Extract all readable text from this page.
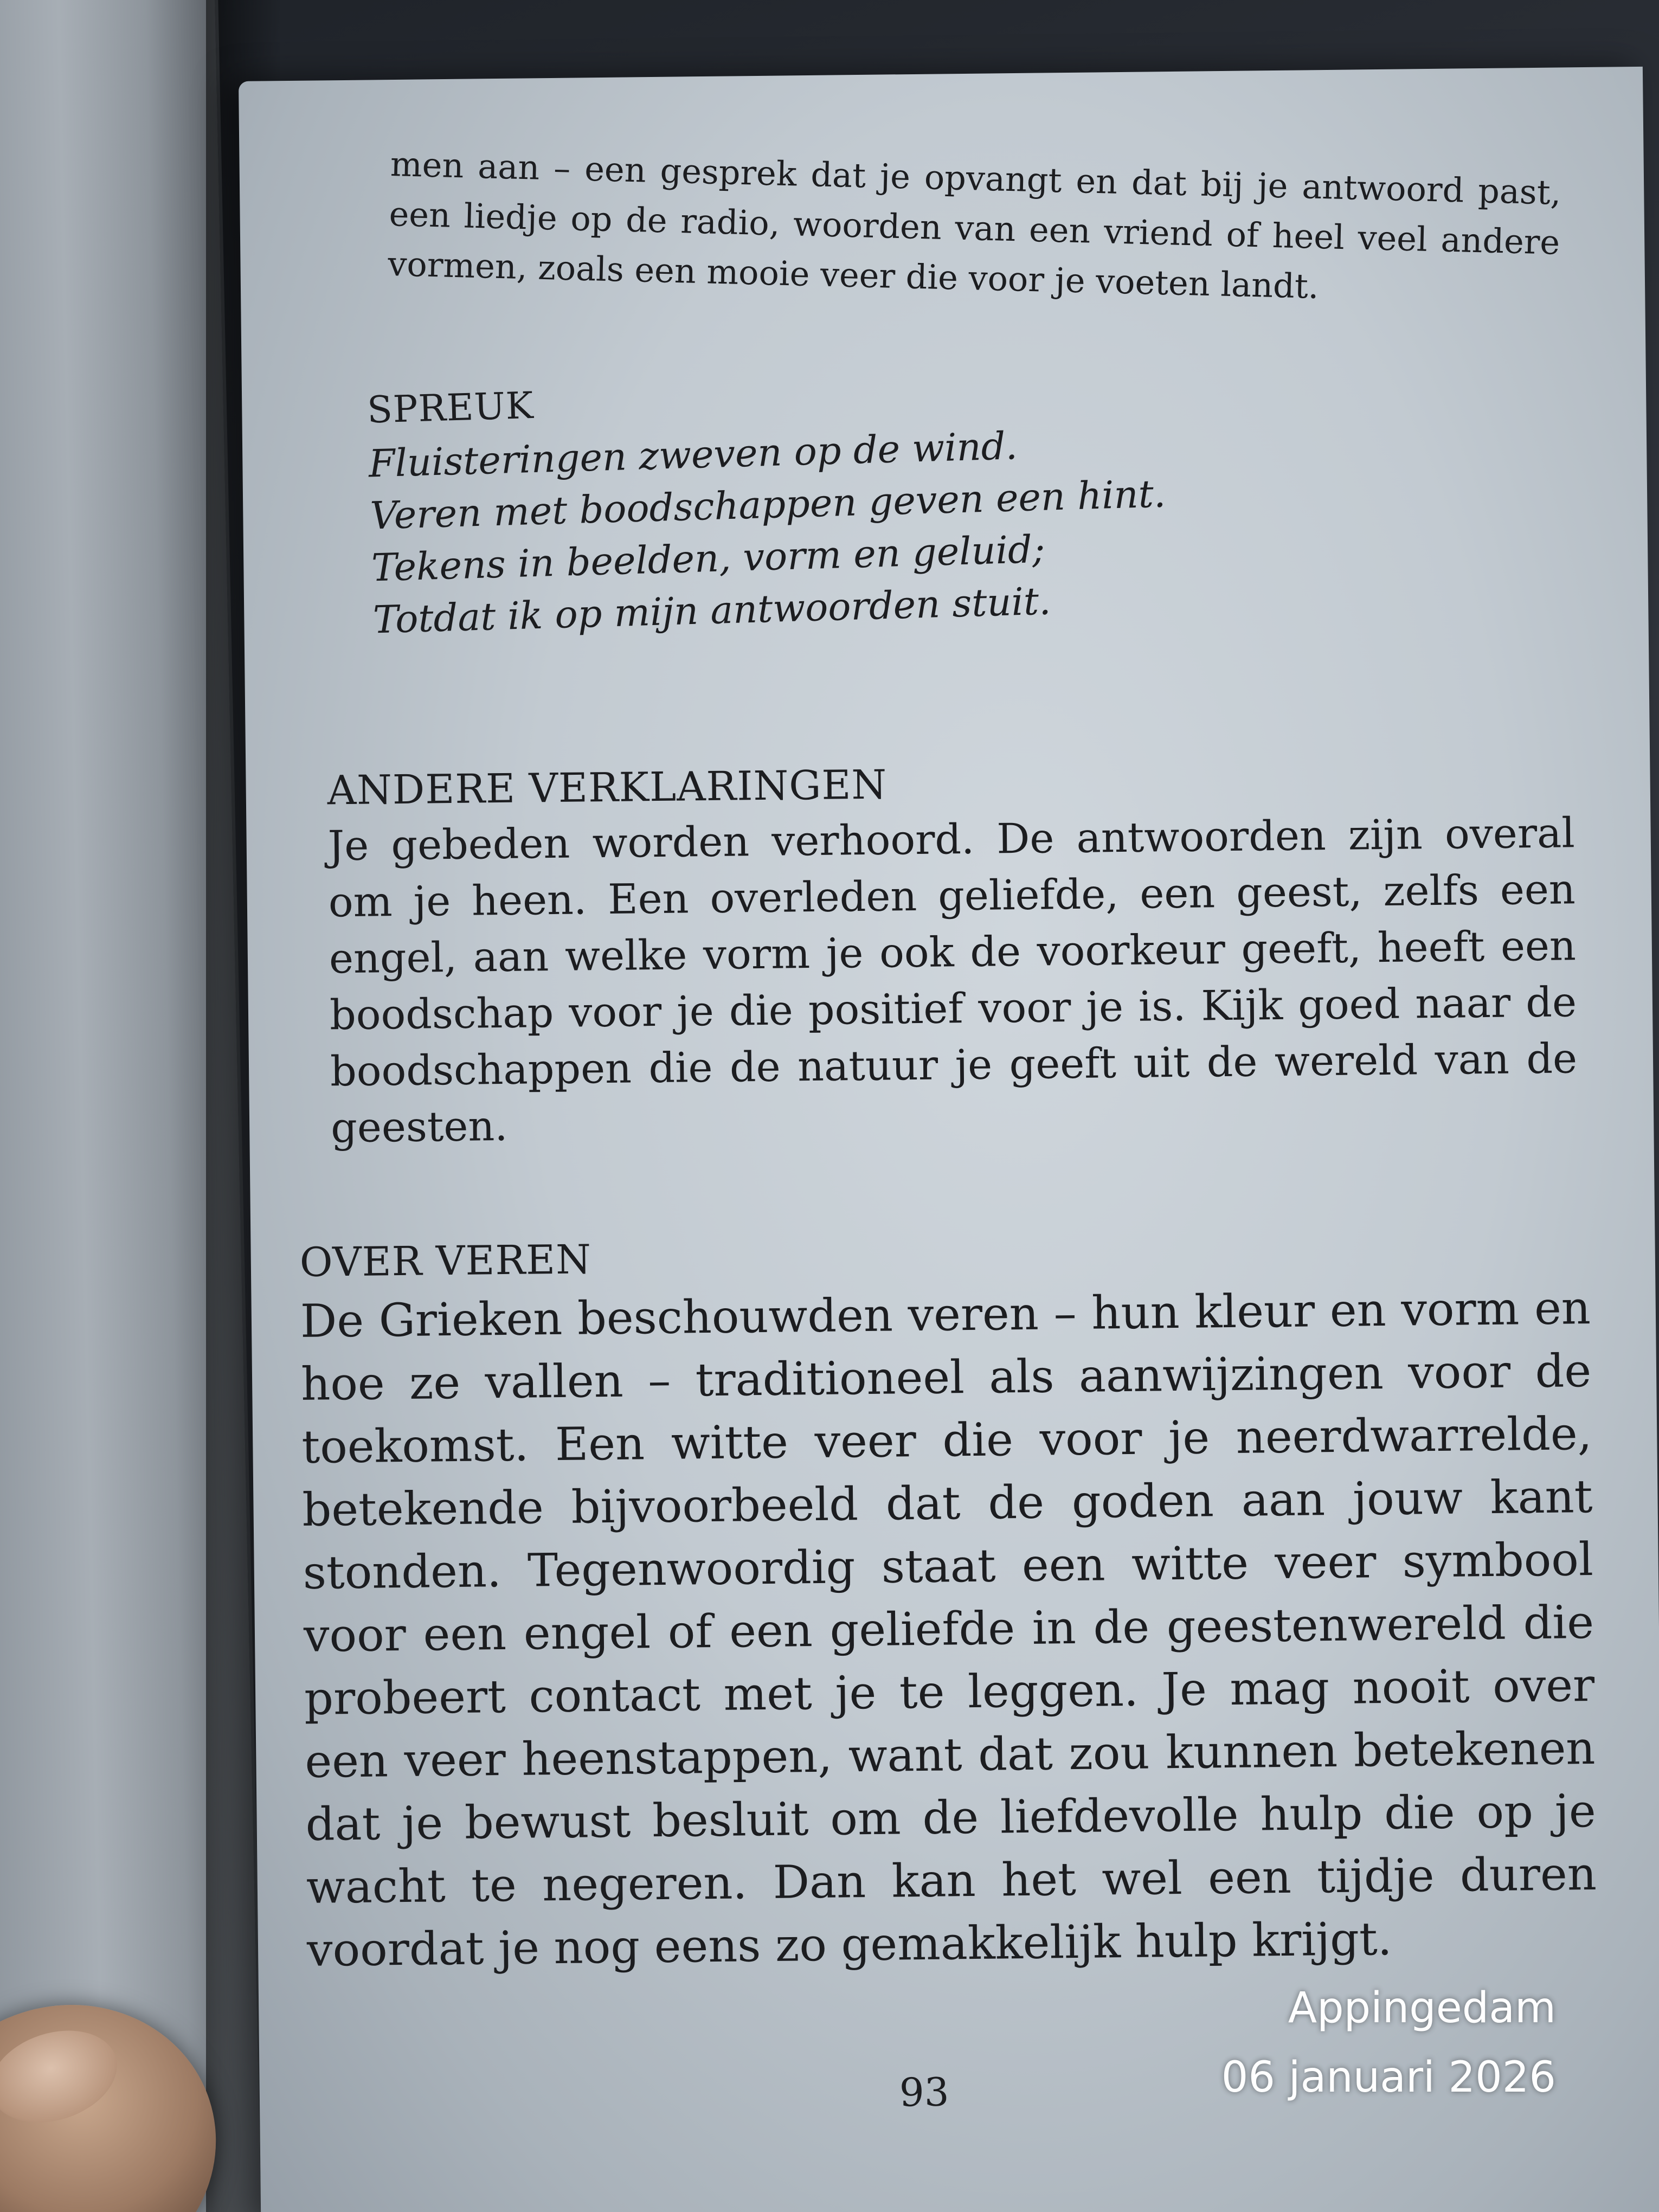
men aan – een gesprek dat je opvangt en dat bij je antwoord past, een liedje op de radio, woorden van een vriend of heel veel andere vormen, zoals een mooie veer die voor je voeten landt.
SPREUK
Fluisteringen zweven op de wind.
Veren met boodschappen geven een hint.
Tekens in beelden, vorm en geluid;
Totdat ik op mijn antwoorden stuit.
ANDERE VERKLARINGEN
Je gebeden worden verhoord. De antwoorden zijn overal om je heen. Een overleden geliefde, een geest, zelfs een engel, aan welke vorm je ook de voorkeur geeft, heeft een boodschap voor je die positief voor je is. Kijk goed naar de boodschappen die de natuur je geeft uit de wereld van de geesten.
OVER VEREN
De Grieken beschouwden veren – hun kleur en vorm en hoe ze vallen – traditioneel als aanwijzingen voor de toekomst. Een witte veer die voor je neerdwarrelde, betekende bijvoorbeeld dat de goden aan jouw kant stonden. Tegenwoordig staat een witte veer symbool voor een engel of een geliefde in de geestenwereld die probeert contact met je te leggen. Je mag nooit over een veer heenstappen, want dat zou kunnen betekenen dat je bewust besluit om de liefdevolle hulp die op je wacht te negeren. Dan kan het wel een tijdje duren voordat je nog eens zo gemakkelijk hulp krijgt.
93
Appingedam
06 januari 2026
